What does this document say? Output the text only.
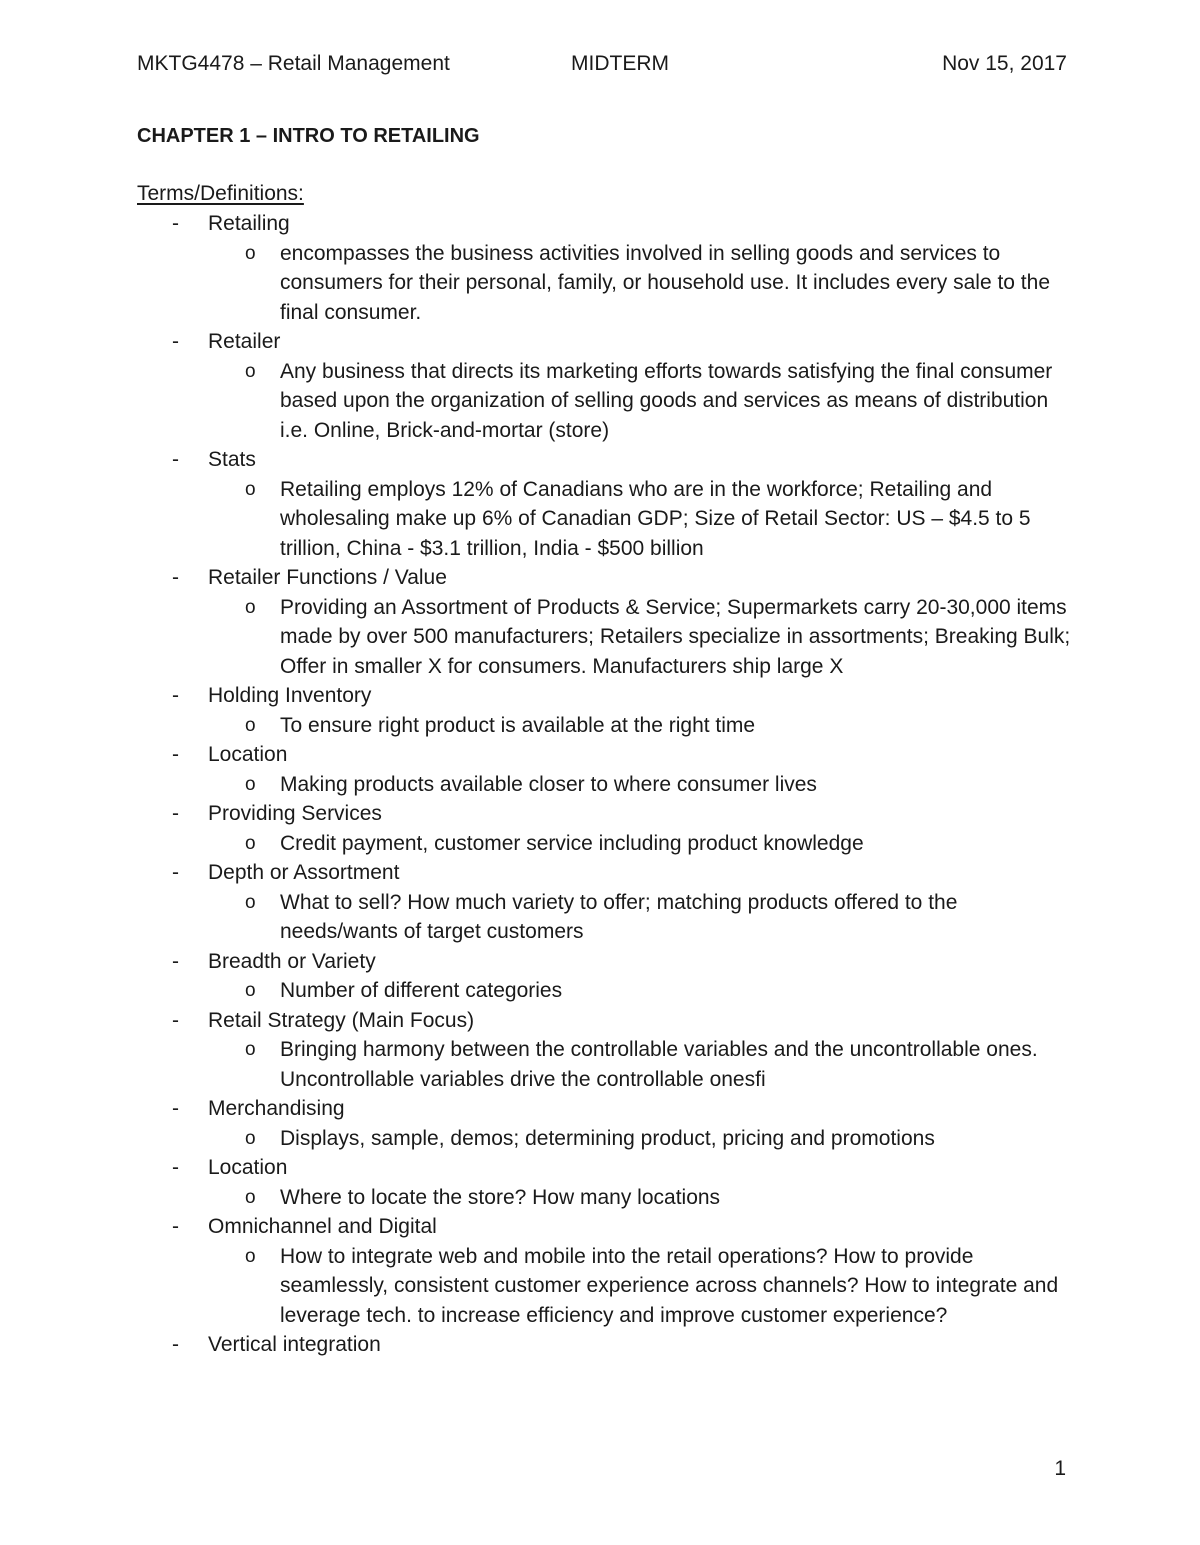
MKTG4478 – Retail Management	MIDTERM	Nov 15, 2017
CHAPTER 1 – INTRO TO RETAILING
Terms/Definitions:
- Retailing
o encompasses the business activities involved in selling goods and services to consumers for their personal, family, or household use. It includes every sale to the final consumer.
- Retailer
o Any business that directs its marketing efforts towards satisfying the final consumer based upon the organization of selling goods and services as means of distribution i.e. Online, Brick-and-mortar (store)
- Stats
o Retailing employs 12% of Canadians who are in the workforce; Retailing and wholesaling make up 6% of Canadian GDP; Size of Retail Sector: US – $4.5 to 5 trillion, China - $3.1 trillion, India - $500 billion
- Retailer Functions / Value
o Providing an Assortment of Products & Service; Supermarkets carry 20-30,000 items made by over 500 manufacturers; Retailers specialize in assortments; Breaking Bulk; Offer in smaller X for consumers. Manufacturers ship large X
- Holding Inventory
o To ensure right product is available at the right time
- Location
o Making products available closer to where consumer lives
- Providing Services
o Credit payment, customer service including product knowledge
- Depth or Assortment
o What to sell? How much variety to offer; matching products offered to the needs/wants of target customers
- Breadth or Variety
o Number of different categories
- Retail Strategy (Main Focus)
o Bringing harmony between the controllable variables and the uncontrollable ones. Uncontrollable variables drive the controllable onesfi
- Merchandising
o Displays, sample, demos; determining product, pricing and promotions
- Location
o Where to locate the store? How many locations
- Omnichannel and Digital
o How to integrate web and mobile into the retail operations? How to provide seamlessly, consistent customer experience across channels? How to integrate and leverage tech. to increase efficiency and improve customer experience?
- Vertical integration
1
